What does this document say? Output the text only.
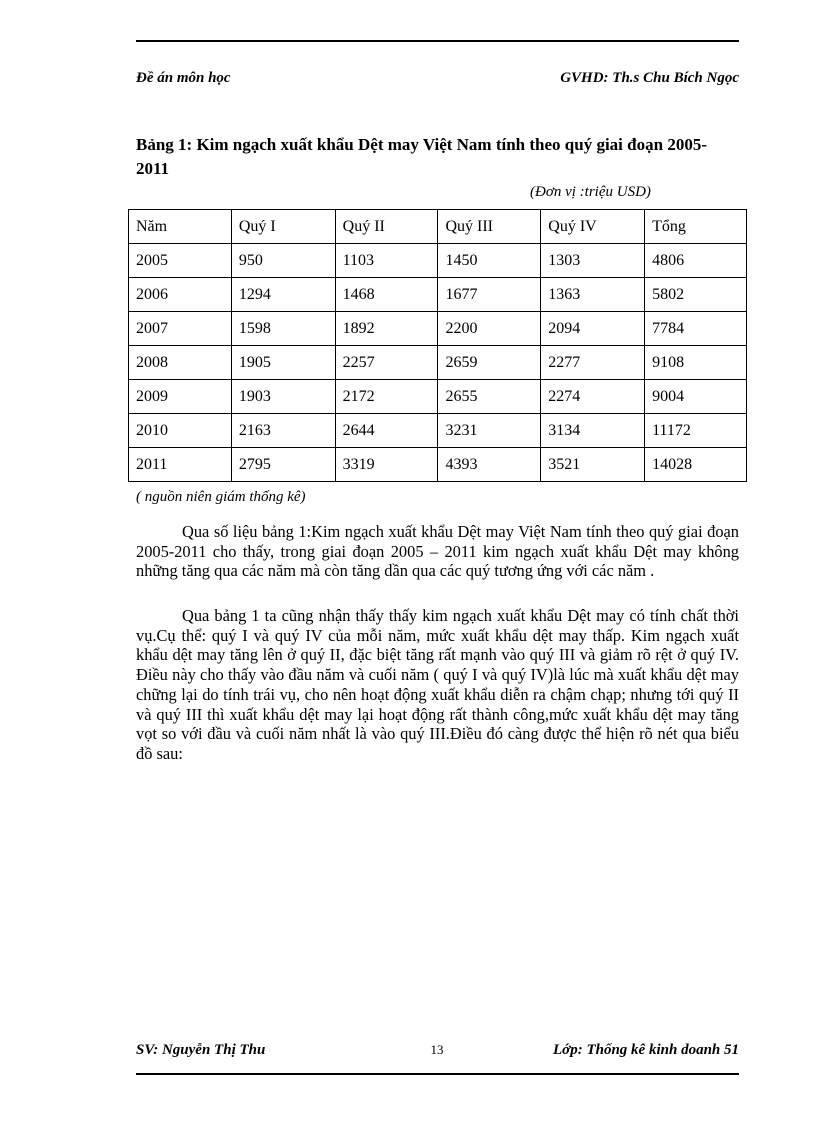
Đề án môn học	GVHD: Th.s Chu Bích Ngọc
Bảng 1: Kim ngạch xuất khẩu Dệt may Việt Nam tính theo quý giai đoạn 2005-2011
(Đơn vị :triệu USD)
Năm	Quý I	Quý II	Quý III	Quý IV	Tổng
2005	950	1103	1450	1303	4806
2006	1294	1468	1677	1363	5802
2007	1598	1892	2200	2094	7784
2008	1905	2257	2659	2277	9108
2009	1903	2172	2655	2274	9004
2010	2163	2644	3231	3134	11172
2011	2795	3319	4393	3521	14028
( nguồn niên giám thống kê)

Qua số liệu bảng 1:Kim ngạch xuất khẩu Dệt may Việt Nam tính theo quý giai đoạn 2005-2011 cho thấy, trong giai đoạn 2005 – 2011 kim ngạch xuất khẩu Dệt may không những tăng qua các năm mà còn tăng dần qua các quý tương ứng với các năm .

Qua bảng 1 ta cũng nhận thấy thấy kim ngạch xuất khẩu Dệt may có tính chất thời vụ.Cụ thể: quý I và quý IV của mỗi năm, mức xuất khẩu dệt may thấp. Kim ngạch xuất khẩu dệt may tăng lên ở quý II, đặc biệt tăng rất mạnh vào quý III và giảm rõ rệt ở quý IV. Điều này cho thấy vào đầu năm và cuối năm ( quý I và quý IV)là lúc mà xuất khẩu dệt may chững lại do tính trái vụ, cho nên hoạt động xuất khẩu diễn ra chậm chạp; nhưng tới quý II và quý III thì xuất khẩu dệt may lại hoạt động rất thành công,mức xuất khẩu dệt may tăng vọt so với đầu và cuối năm nhất là vào quý III.Điều đó càng được thể hiện rõ nét qua biểu đồ sau:

SV: Nguyễn Thị Thu	13	Lớp: Thống kê kinh doanh 51
